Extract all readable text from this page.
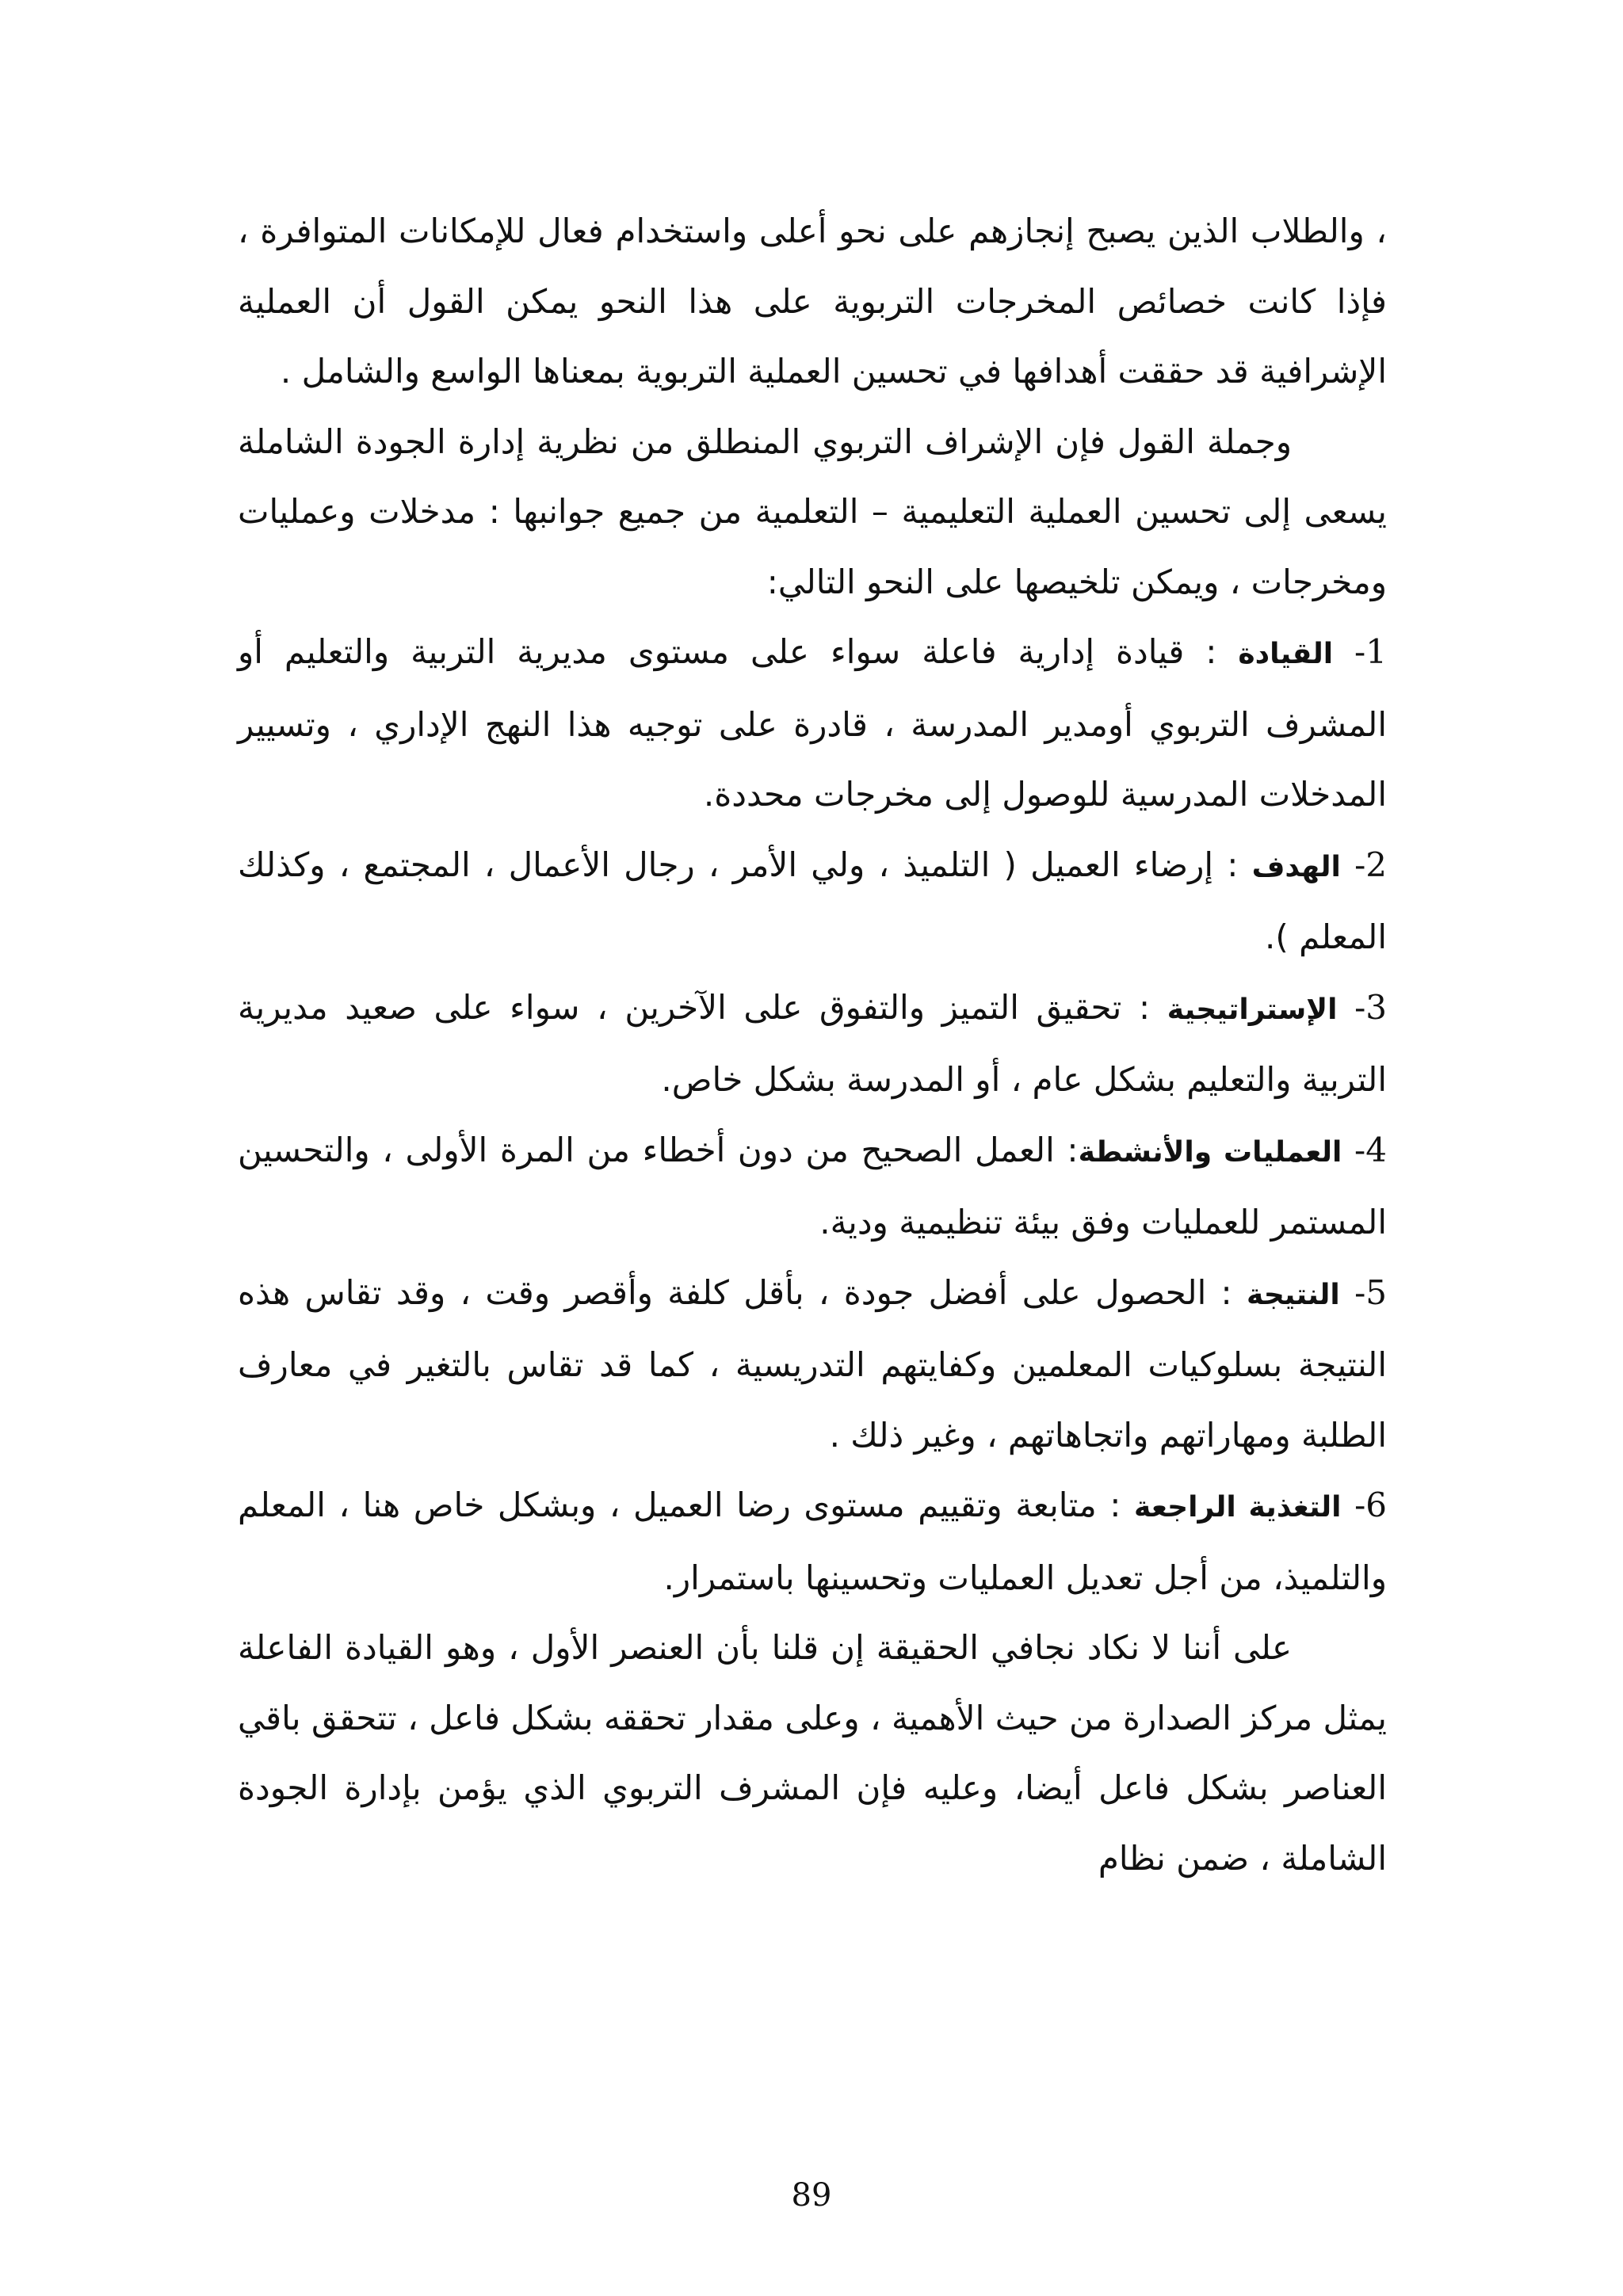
، والطلاب الذين يصبح إنجازهم على نحو أعلى واستخدام فعال للإمكانات المتوافرة ، فإذا كانت خصائص المخرجات التربوية على هذا النحو يمكن القول أن العملية الإشرافية قد حققت أهدافها في تحسين العملية التربوية بمعناها الواسع والشامل .

وجملة القول فإن الإشراف التربوي المنطلق من نظرية إدارة الجودة الشاملة يسعى إلى تحسين العملية التعليمية – التعلمية من جميع جوانبها : مدخلات وعمليات ومخرجات ، ويمكن تلخيصها على النحو التالي:

1- القيادة : قيادة إدارية فاعلة سواء على مستوى مديرية التربية والتعليم أو المشرف التربوي أومدير المدرسة ، قادرة على توجيه هذا النهج الإداري ، وتسيير المدخلات المدرسية للوصول إلى مخرجات محددة.

2- الهدف : إرضاء العميل ( التلميذ ، ولي الأمر ، رجال الأعمال ، المجتمع ، وكذلك المعلم ).

3- الإستراتيجية : تحقيق التميز والتفوق على الآخرين ، سواء على صعيد مديرية التربية والتعليم بشكل عام ، أو المدرسة بشكل خاص.

4- العمليات والأنشطة: العمل الصحيح من دون أخطاء من المرة الأولى ، والتحسين المستمر للعمليات وفق بيئة تنظيمية ودية.

5- النتيجة : الحصول على أفضل جودة ، بأقل كلفة وأقصر وقت ، وقد تقاس هذه النتيجة بسلوكيات المعلمين وكفايتهم التدريسية ، كما قد تقاس بالتغير في معارف الطلبة ومهاراتهم واتجاهاتهم ، وغير ذلك .

6- التغذية الراجعة : متابعة وتقييم مستوى رضا العميل ، وبشكل خاص هنا ، المعلم والتلميذ، من أجل تعديل العمليات وتحسينها باستمرار.

على أننا لا نكاد نجافي الحقيقة إن قلنا بأن العنصر الأول ، وهو القيادة الفاعلة يمثل مركز الصدارة من حيث الأهمية ، وعلى مقدار تحققه بشكل فاعل ، تتحقق باقي العناصر بشكل فاعل أيضا، وعليه فإن المشرف التربوي الذي يؤمن بإدارة الجودة الشاملة ، ضمن نظام

89
